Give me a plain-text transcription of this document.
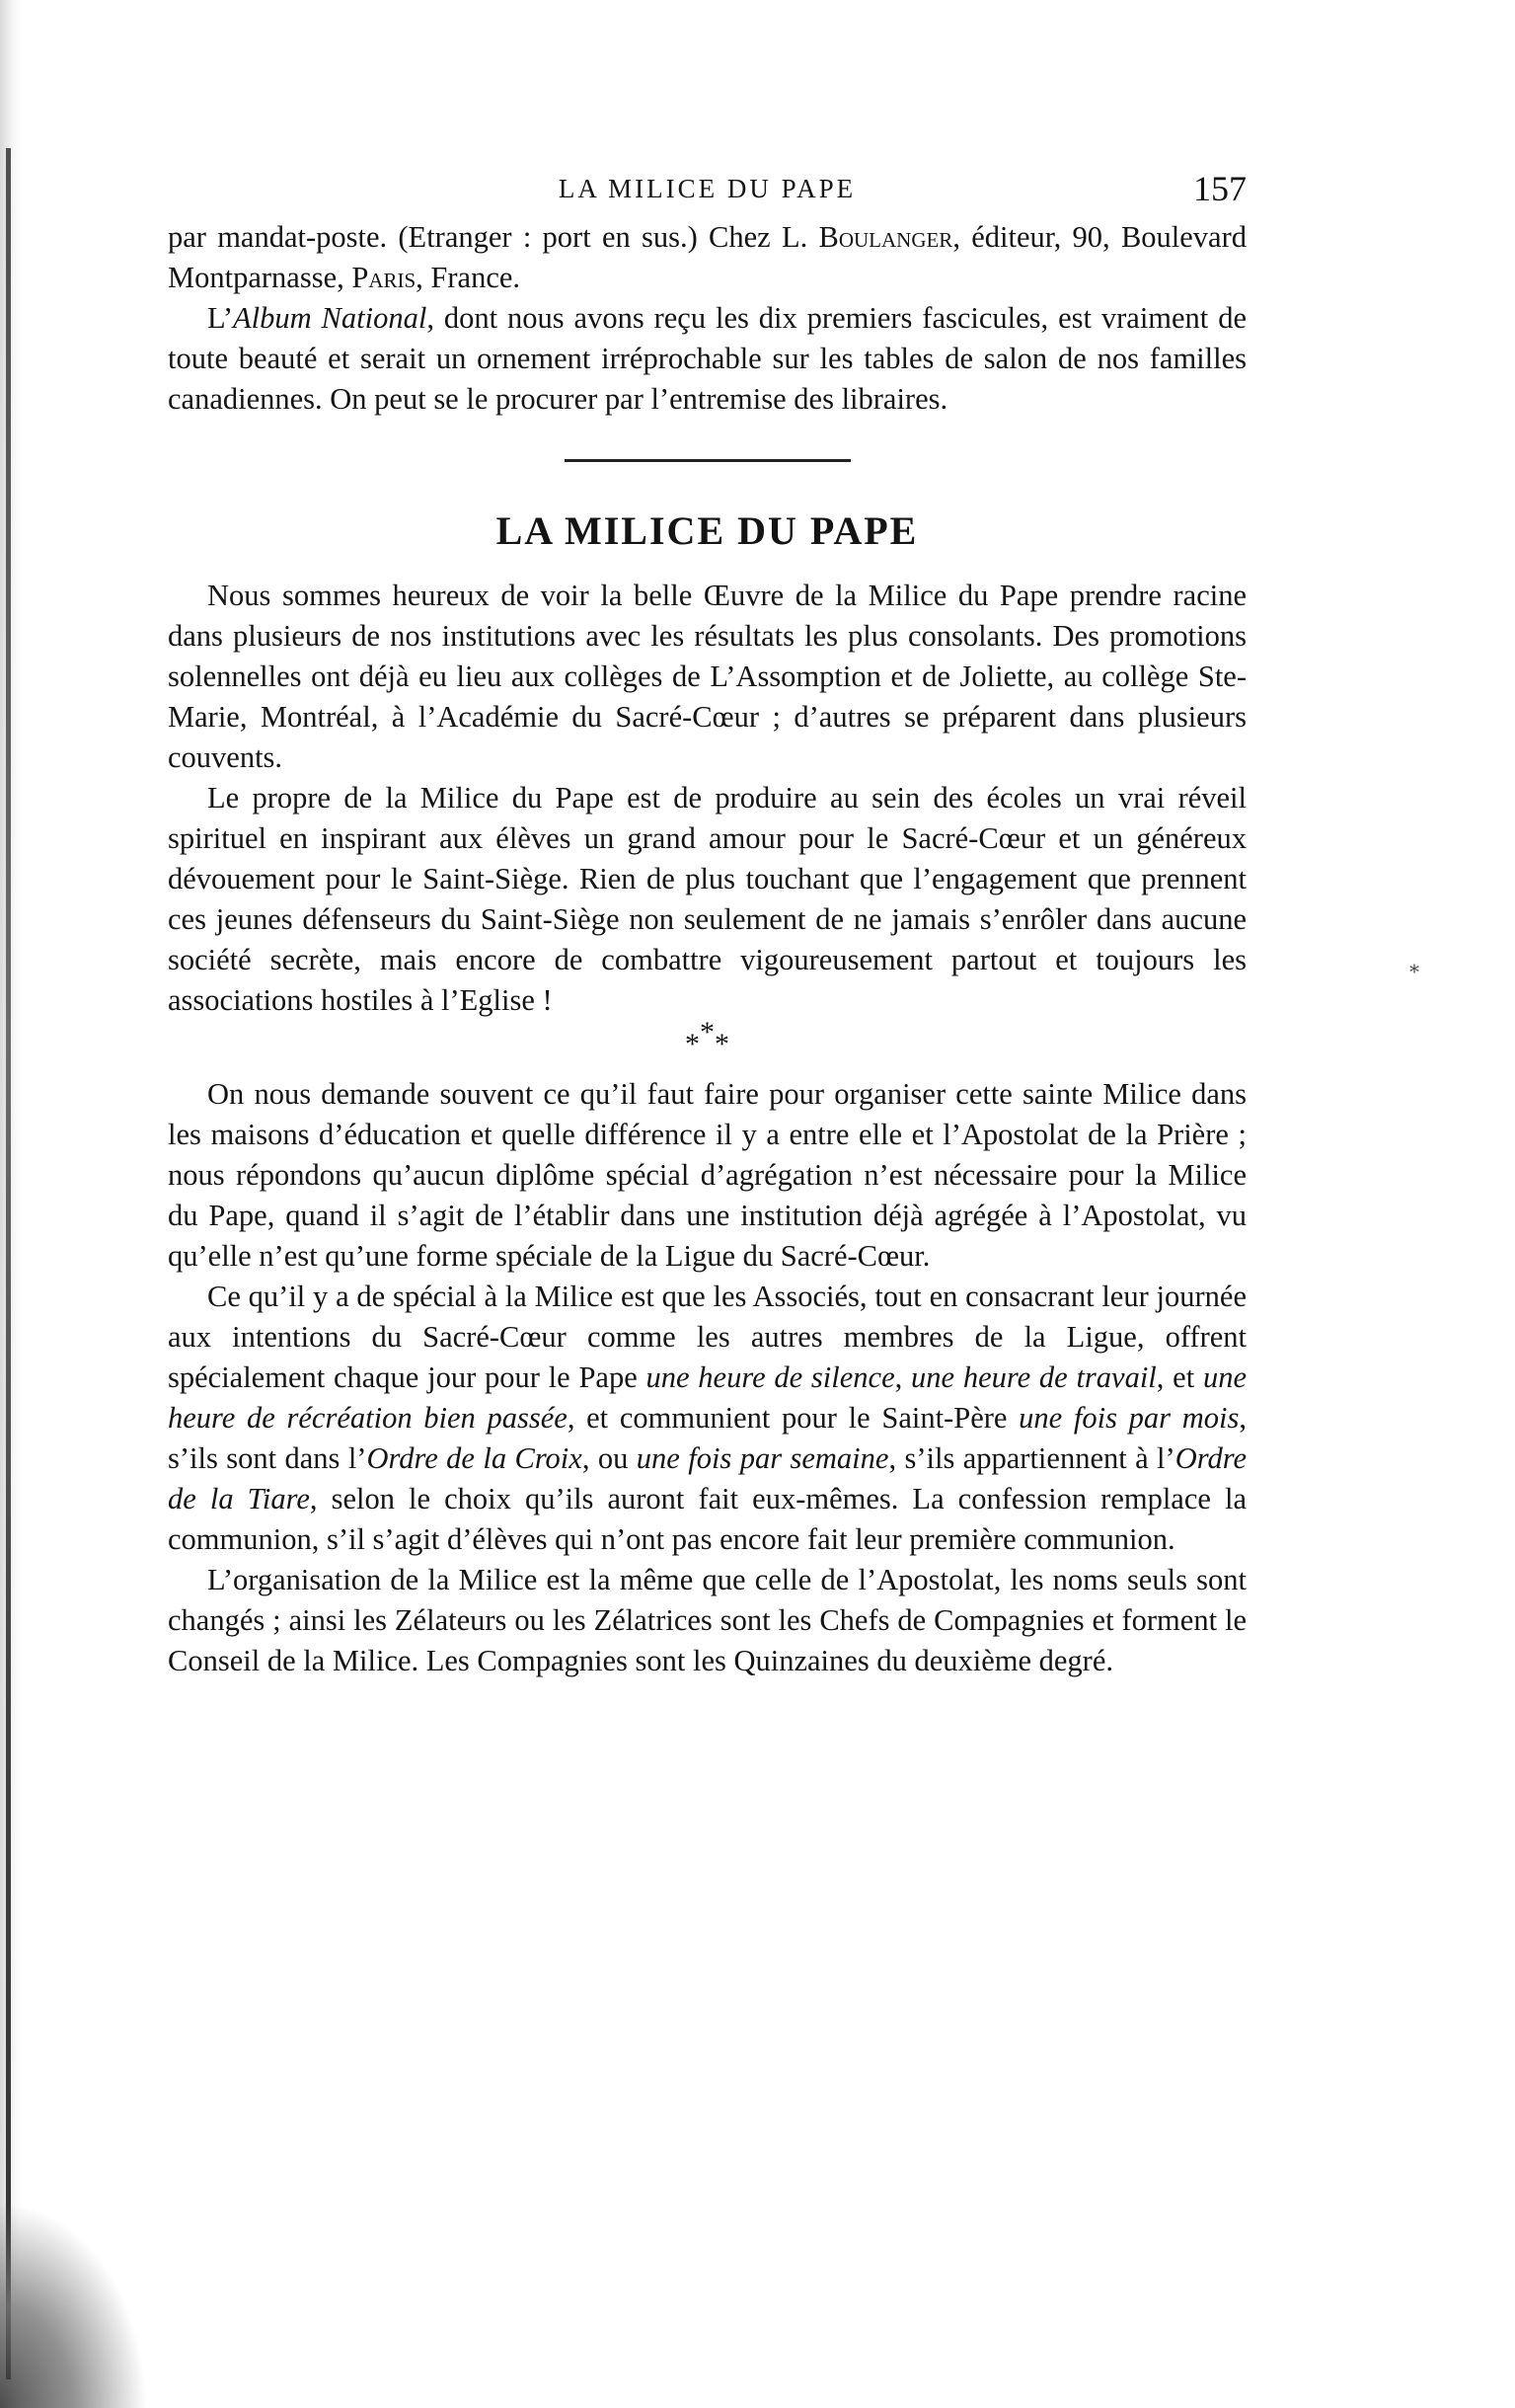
*
LA MILICE DU PAPE	157

par mandat-poste. (Etranger : port en sus.) Chez L. Boulanger, éditeur, 90, Boulevard Montparnasse, Paris, France.

L’Album National, dont nous avons reçu les dix premiers fascicules, est vraiment de toute beauté et serait un ornement irréprochable sur les tables de salon de nos familles canadiennes. On peut se le procurer par l’entremise des libraires.

LA MILICE DU PAPE

Nous sommes heureux de voir la belle Œuvre de la Milice du Pape prendre racine dans plusieurs de nos institutions avec les résultats les plus consolants. Des promotions solennelles ont déjà eu lieu aux collèges de L’Assomption et de Joliette, au collège Ste-Marie, Montréal, à l’Académie du Sacré-Cœur ; d’autres se préparent dans plusieurs couvents.

Le propre de la Milice du Pape est de produire au sein des écoles un vrai réveil spirituel en inspirant aux élèves un grand amour pour le Sacré-Cœur et un généreux dévouement pour le Saint-Siège. Rien de plus touchant que l’engagement que prennent ces jeunes défenseurs du Saint-Siège non seulement de ne jamais s’enrôler dans aucune société secrète, mais encore de combattre vigoureusement partout et toujours les associations hostiles à l’Eglise !

***

On nous demande souvent ce qu’il faut faire pour organiser cette sainte Milice dans les maisons d’éducation et quelle différence il y a entre elle et l’Apostolat de la Prière ; nous répondons qu’aucun diplôme spécial d’agrégation n’est nécessaire pour la Milice du Pape, quand il s’agit de l’établir dans une institution déjà agrégée à l’Apostolat, vu qu’elle n’est qu’une forme spéciale de la Ligue du Sacré-Cœur.

Ce qu’il y a de spécial à la Milice est que les Associés, tout en consacrant leur journée aux intentions du Sacré-Cœur comme les autres membres de la Ligue, offrent spécialement chaque jour pour le Pape une heure de silence, une heure de travail, et une heure de récréation bien passée, et communient pour le Saint-Père une fois par mois, s’ils sont dans l’Ordre de la Croix, ou une fois par semaine, s’ils appartiennent à l’Ordre de la Tiare, selon le choix qu’ils auront fait eux-mêmes. La confession remplace la communion, s’il s’agit d’élèves qui n’ont pas encore fait leur première communion.

L’organisation de la Milice est la même que celle de l’Apostolat, les noms seuls sont changés ; ainsi les Zélateurs ou les Zélatrices sont les Chefs de Compagnies et forment le Conseil de la Milice. Les Compagnies sont les Quinzaines du deuxième degré.
